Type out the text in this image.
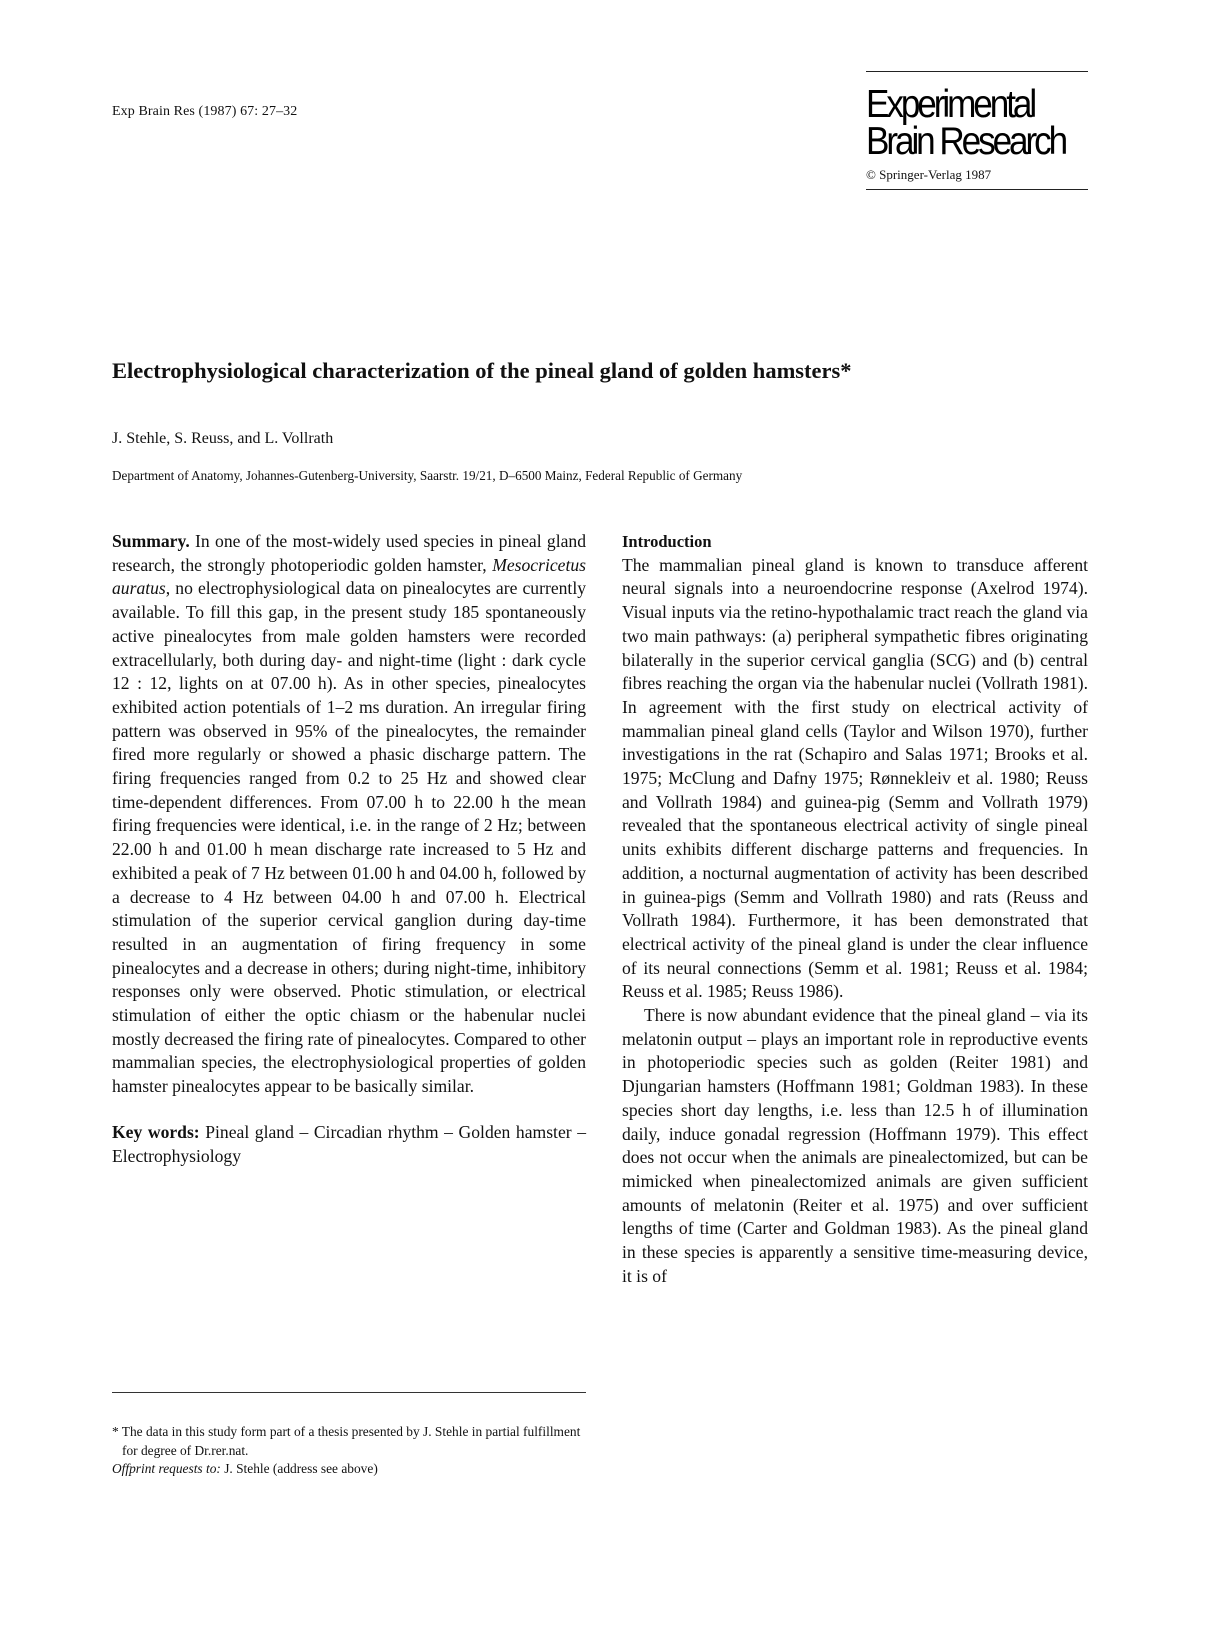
Exp Brain Res (1987) 67: 27–32	Experimental
Brain Research
© Springer-Verlag 1987
Electrophysiological characterization of the pineal gland of golden hamsters*
J. Stehle, S. Reuss, and L. Vollrath
Department of Anatomy, Johannes-Gutenberg-University, Saarstr. 19/21, D–6500 Mainz, Federal Republic of Germany

Summary. In one of the most-widely used species in pineal gland research, the strongly photoperiodic golden hamster, Mesocricetus auratus, no electrophysiological data on pinealocytes are currently available. To fill this gap, in the present study 185 spontaneously active pinealocytes from male golden hamsters were recorded extracellularly, both during day- and night-time (light : dark cycle 12 : 12, lights on at 07.00 h). As in other species, pinealocytes exhibited action potentials of 1–2 ms duration. An irregular firing pattern was observed in 95% of the pinealocytes, the remainder fired more regularly or showed a phasic discharge pattern. The firing frequencies ranged from 0.2 to 25 Hz and showed clear time-dependent differences. From 07.00 h to 22.00 h the mean firing frequencies were identical, i.e. in the range of 2 Hz; between 22.00 h and 01.00 h mean discharge rate increased to 5 Hz and exhibited a peak of 7 Hz between 01.00 h and 04.00 h, followed by a decrease to 4 Hz between 04.00 h and 07.00 h. Electrical stimulation of the superior cervical ganglion during day-time resulted in an augmentation of firing frequency in some pinealocytes and a decrease in others; during night-time, inhibitory responses only were observed. Photic stimulation, or electrical stimulation of either the optic chiasm or the habenular nuclei mostly decreased the firing rate of pinealocytes. Compared to other mammalian species, the electrophysiological properties of golden hamster pinealocytes appear to be basically similar.

Key words: Pineal gland – Circadian rhythm – Golden hamster – Electrophysiology

* The data in this study form part of a thesis presented by J. Stehle in partial fulfillment for degree of Dr.rer.nat.

Offprint requests to: J. Stehle (address see above)

Introduction

The mammalian pineal gland is known to transduce afferent neural signals into a neuroendocrine response (Axelrod 1974). Visual inputs via the retino-hypothalamic tract reach the gland via two main pathways: (a) peripheral sympathetic fibres originating bilaterally in the superior cervical ganglia (SCG) and (b) central fibres reaching the organ via the habenular nuclei (Vollrath 1981). In agreement with the first study on electrical activity of mammalian pineal gland cells (Taylor and Wilson 1970), further investigations in the rat (Schapiro and Salas 1971; Brooks et al. 1975; McClung and Dafny 1975; Rønnekleiv et al. 1980; Reuss and Vollrath 1984) and guinea-pig (Semm and Vollrath 1979) revealed that the spontaneous electrical activity of single pineal units exhibits different discharge patterns and frequencies. In addition, a nocturnal augmentation of activity has been described in guinea-pigs (Semm and Vollrath 1980) and rats (Reuss and Vollrath 1984). Furthermore, it has been demonstrated that electrical activity of the pineal gland is under the clear influence of its neural connections (Semm et al. 1981; Reuss et al. 1984; Reuss et al. 1985; Reuss 1986).

There is now abundant evidence that the pineal gland – via its melatonin output – plays an important role in reproductive events in photoperiodic species such as golden (Reiter 1981) and Djungarian hamsters (Hoffmann 1981; Goldman 1983). In these species short day lengths, i.e. less than 12.5 h of illumination daily, induce gonadal regression (Hoffmann 1979). This effect does not occur when the animals are pinealectomized, but can be mimicked when pinealectomized animals are given sufficient amounts of melatonin (Reiter et al. 1975) and over sufficient lengths of time (Carter and Goldman 1983). As the pineal gland in these species is apparently a sensitive time-measuring device, it is of
